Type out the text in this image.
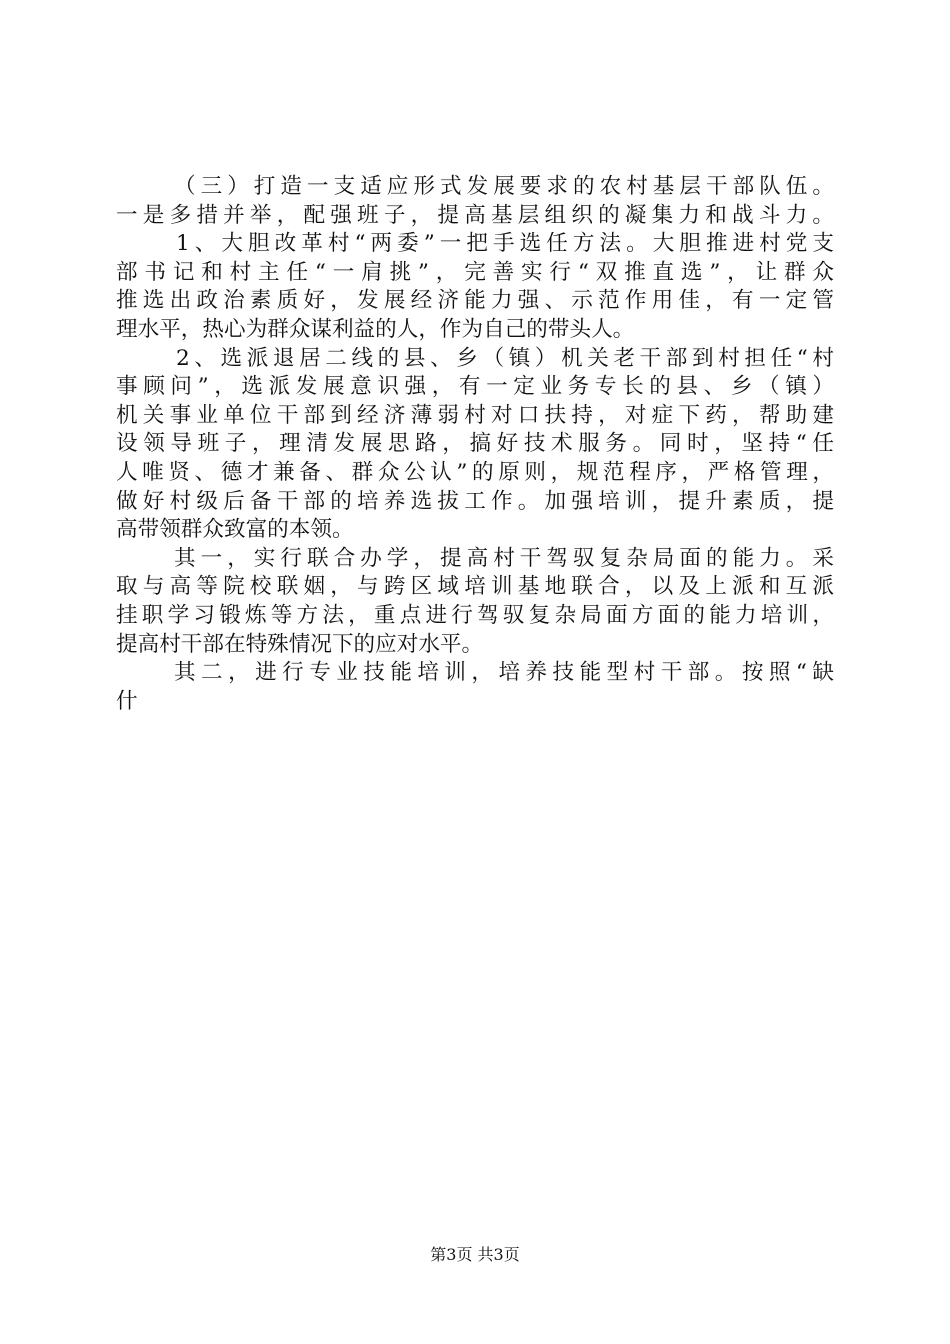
（三）打造一支适应形式发展要求的农村基层干部队伍。
一是多措并举，配强班子，提高基层组织的凝集力和战斗力。
1、大胆改革村“两委”一把手选任方法。大胆推进村党支
部书记和村主任“一肩挑”，完善实行“双推直选”，让群众
推选出政治素质好，发展经济能力强、示范作用佳，有一定管
理水平，热心为群众谋利益的人，作为自己的带头人。
2、选派退居二线的县、乡（镇）机关老干部到村担任“村
事顾问”，选派发展意识强，有一定业务专长的县、乡（镇）
机关事业单位干部到经济薄弱村对口扶持，对症下药，帮助建
设领导班子，理清发展思路，搞好技术服务。同时，坚持“任
人唯贤、德才兼备、群众公认”的原则，规范程序，严格管理，
做好村级后备干部的培养选拔工作。加强培训，提升素质，提
高带领群众致富的本领。
其一，实行联合办学，提高村干驾驭复杂局面的能力。采
取与高等院校联姻，与跨区域培训基地联合，以及上派和互派
挂职学习锻炼等方法，重点进行驾驭复杂局面方面的能力培训，
提高村干部在特殊情况下的应对水平。
其二，进行专业技能培训，培养技能型村干部。按照“缺
什
第3页 共3页
